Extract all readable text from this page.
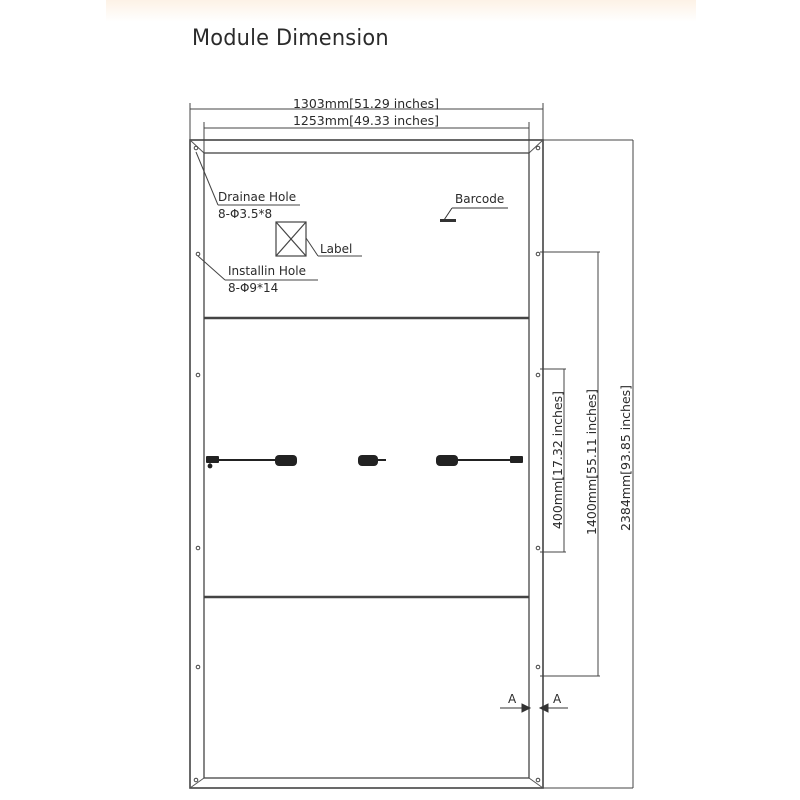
Module Dimension
1303mm[51.29 inches]
1253mm[49.33 inches]
2384mm[93.85 inches]
1400mm[55.11 inches]
400mm[17.32 inches]
Drainae Hole
8-Φ3.5*8
Installin Hole
8-Φ9*14
Label
Barcode
A	A
